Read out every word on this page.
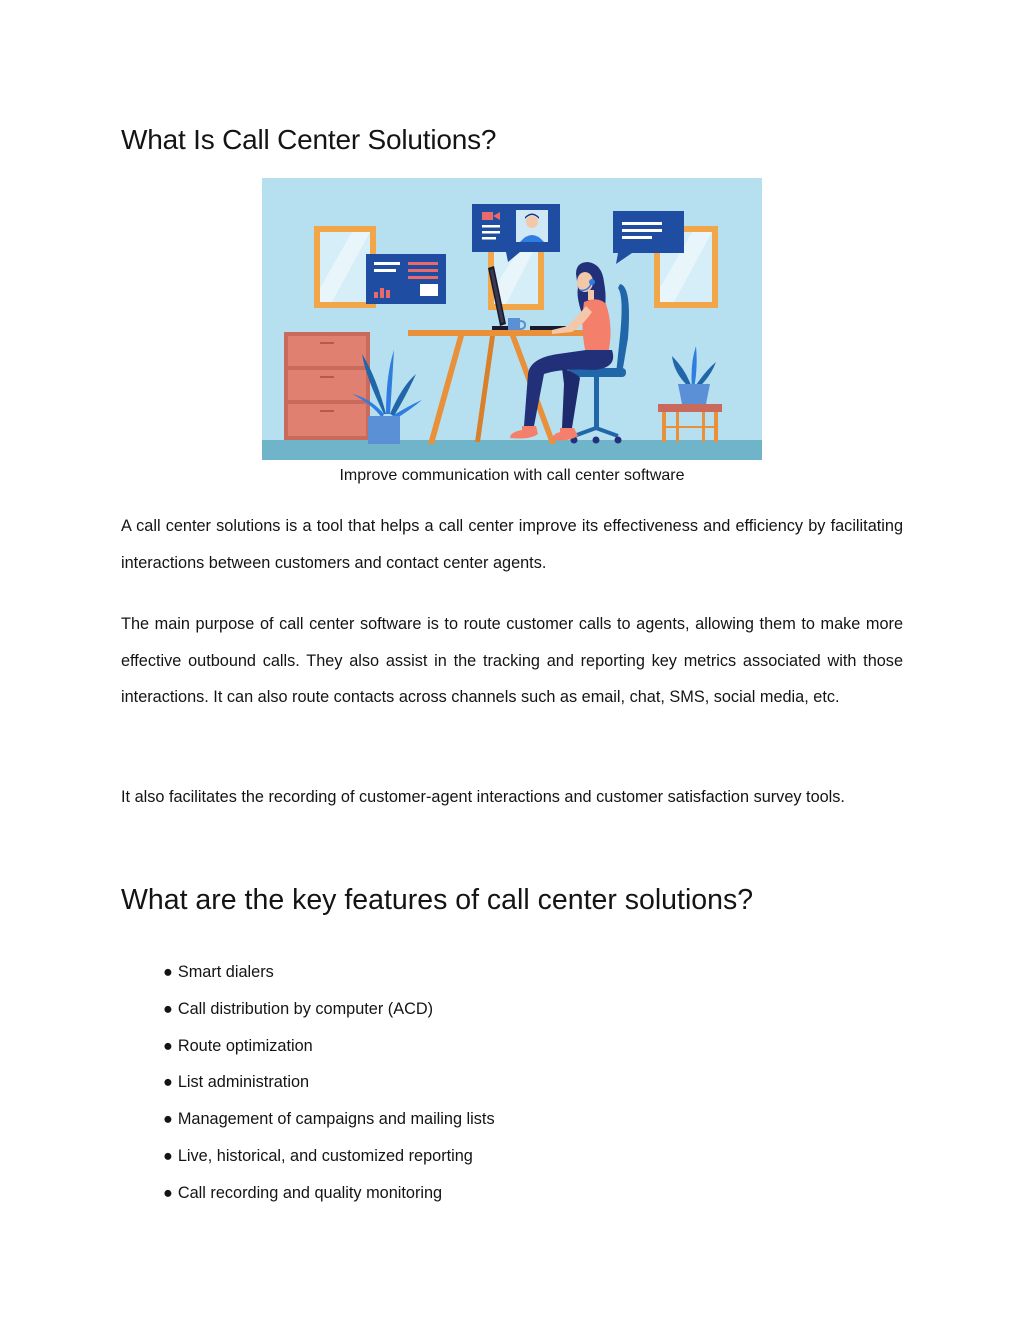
What Is Call Center Solutions?
Improve communication with call center software

A call center solutions is a tool that helps a call center improve its effectiveness and efficiency by facilitating interactions between customers and contact center agents.

The main purpose of call center software is to route customer calls to agents, allowing them to make more effective outbound calls. They also assist in the tracking and reporting key metrics associated with those interactions. It can also route contacts across channels such as email, chat, SMS, social media, etc.

It also facilitates the recording of customer-agent interactions and customer satisfaction survey tools.

What are the key features of call center solutions?
● Smart dialers
● Call distribution by computer (ACD)
● Route optimization
● List administration
● Management of campaigns and mailing lists
● Live, historical, and customized reporting
● Call recording and quality monitoring
